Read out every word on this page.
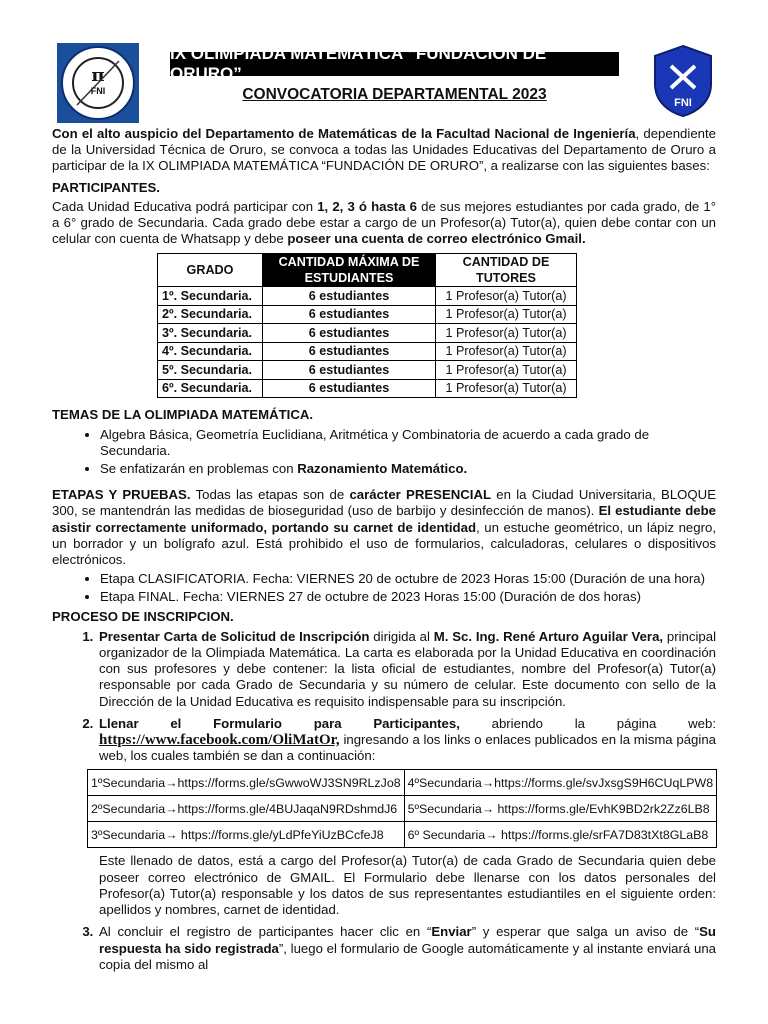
π
FNI
IX OLIMPIADA MATEMÁTICA “FUNDACIÓN DE ORURO”
CONVOCATORIA DEPARTAMENTAL 2023	FNI

Con el alto auspicio del Departamento de Matemáticas de la Facultad Nacional de Ingeniería, dependiente de la Universidad Técnica de Oruro, se convoca a todas las Unidades Educativas del Departamento de Oruro a participar de la IX OLIMPIADA MATEMÁTICA “FUNDACIÓN DE ORURO”, a realizarse con las siguientes bases:

PARTICIPANTES.

Cada Unidad Educativa podrá participar con 1, 2, 3 ó hasta 6 de sus mejores estudiantes por cada grado, de 1° a 6° grado de Secundaria. Cada grado debe estar a cargo de un Profesor(a) Tutor(a), quien debe contar con un celular con cuenta de Whatsapp y debe poseer una cuenta de correo electrónico Gmail.

GRADO	CANTIDAD MÁXIMA DE ESTUDIANTES	CANTIDAD DE TUTORES
1º. Secundaria.	6 estudiantes	1 Profesor(a) Tutor(a)
2º. Secundaria.	6 estudiantes	1 Profesor(a) Tutor(a)
3º. Secundaria.	6 estudiantes	1 Profesor(a) Tutor(a)
4º. Secundaria.	6 estudiantes	1 Profesor(a) Tutor(a)
5º. Secundaria.	6 estudiantes	1 Profesor(a) Tutor(a)
6º. Secundaria.	6 estudiantes	1 Profesor(a) Tutor(a)
TEMAS DE LA OLIMPIADA MATEMÁTICA.
• Algebra Básica, Geometría Euclidiana, Aritmética y Combinatoria de acuerdo a cada grado de Secundaria.
• Se enfatizarán en problemas con Razonamiento Matemático.

ETAPAS Y PRUEBAS. Todas las etapas son de carácter PRESENCIAL en la Ciudad Universitaria, BLOQUE 300, se mantendrán las medidas de bioseguridad (uso de barbijo y desinfección de manos). El estudiante debe asistir correctamente uniformado, portando su carnet de identidad, un estuche geométrico, un lápiz negro, un borrador y un bolígrafo azul. Está prohibido el uso de formularios, calculadoras, celulares o dispositivos electrónicos.

• Etapa CLASIFICATORIA. Fecha: VIERNES 20 de octubre de 2023 Horas 15:00 (Duración de una hora)
• Etapa FINAL. Fecha: VIERNES 27 de octubre de 2023 Horas 15:00 (Duración de dos horas)
PROCESO DE INSCRIPCION.

1. Presentar Carta de Solicitud de Inscripción dirigida al M. Sc. Ing. René Arturo Aguilar Vera, principal organizador de la Olimpiada Matemática. La carta es elaborada por la Unidad Educativa en coordinación con sus profesores y debe contener: la lista oficial de estudiantes, nombre del Profesor(a) Tutor(a) responsable por cada Grado de Secundaria y su número de celular. Este documento con sello de la Dirección de la Unidad Educativa es requisito indispensable para su inscripción.

2. Llenar el Formulario para Participantes, abriendo la página web: https://www.facebook.com/OliMatOr, ingresando a los links o enlaces publicados en la misma página web, los cuales también se dan a continuación:

1ºSecundaria→https://forms.gle/sGwwoWJ3SN9RLzJo8	4ºSecundaria→https://forms.gle/svJxsgS9H6CUqLPW8
2ºSecundaria→https://forms.gle/4BUJaqaN9RDshmdJ6	5ºSecundaria→ https://forms.gle/EvhK9BD2rk2Zz6LB8
3ºSecundaria→ https://forms.gle/yLdPfeYiUzBCcfeJ8	6º Secundaria→ https://forms.gle/srFA7D83tXt8GLaB8

Este llenado de datos, está a cargo del Profesor(a) Tutor(a) de cada Grado de Secundaria quien debe poseer correo electrónico de GMAIL. El Formulario debe llenarse con los datos personales del Profesor(a) Tutor(a) responsable y los datos de sus representantes estudiantiles en el siguiente orden: apellidos y nombres, carnet de identidad.

3. Al concluir el registro de participantes hacer clic en “Enviar” y esperar que salga un aviso de “Su respuesta ha sido registrada”, luego el formulario de Google automáticamente y al instante enviará una copia del mismo al
